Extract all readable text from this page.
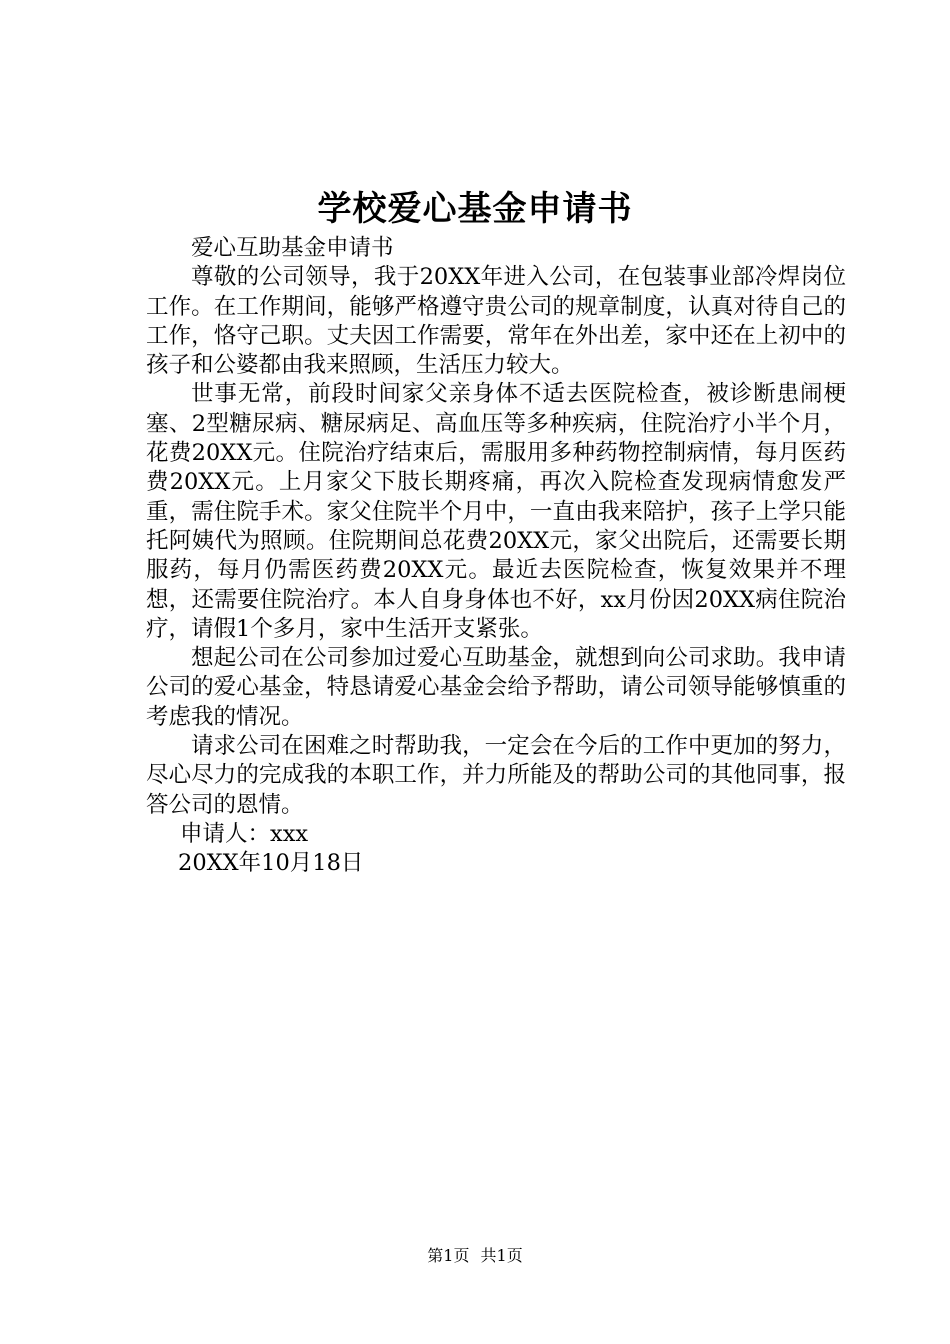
学校爱心基金申请书

爱心互助基金申请书

尊敬的公司领导，我于20XX年进入公司，在包装事业部冷焊岗位工作。在工作期间，能够严格遵守贵公司的规章制度，认真对待自己的工作，恪守己职。丈夫因工作需要，常年在外出差，家中还在上初中的孩子和公婆都由我来照顾，生活压力较大。

世事无常，前段时间家父亲身体不适去医院检查，被诊断患闹梗塞、2型糖尿病、糖尿病足、高血压等多种疾病，住院治疗小半个月，花费20XX元。住院治疗结束后，需服用多种药物控制病情，每月医药费20XX元。上月家父下肢长期疼痛，再次入院检查发现病情愈发严重，需住院手术。家父住院半个月中，一直由我来陪护，孩子上学只能托阿姨代为照顾。住院期间总花费20XX元，家父出院后，还需要长期服药，每月仍需医药费20XX元。最近去医院检查，恢复效果并不理想，还需要住院治疗。本人自身身体也不好，xx月份因20XX病住院治疗，请假1个多月，家中生活开支紧张。

想起公司在公司参加过爱心互助基金，就想到向公司求助。我申请公司的爱心基金，特恳请爱心基金会给予帮助，请公司领导能够慎重的考虑我的情况。

请求公司在困难之时帮助我，一定会在今后的工作中更加的努力，尽心尽力的完成我的本职工作，并力所能及的帮助公司的其他同事，报答公司的恩情。

申请人：xxx

20XX年10月18日

第1页 共1页
